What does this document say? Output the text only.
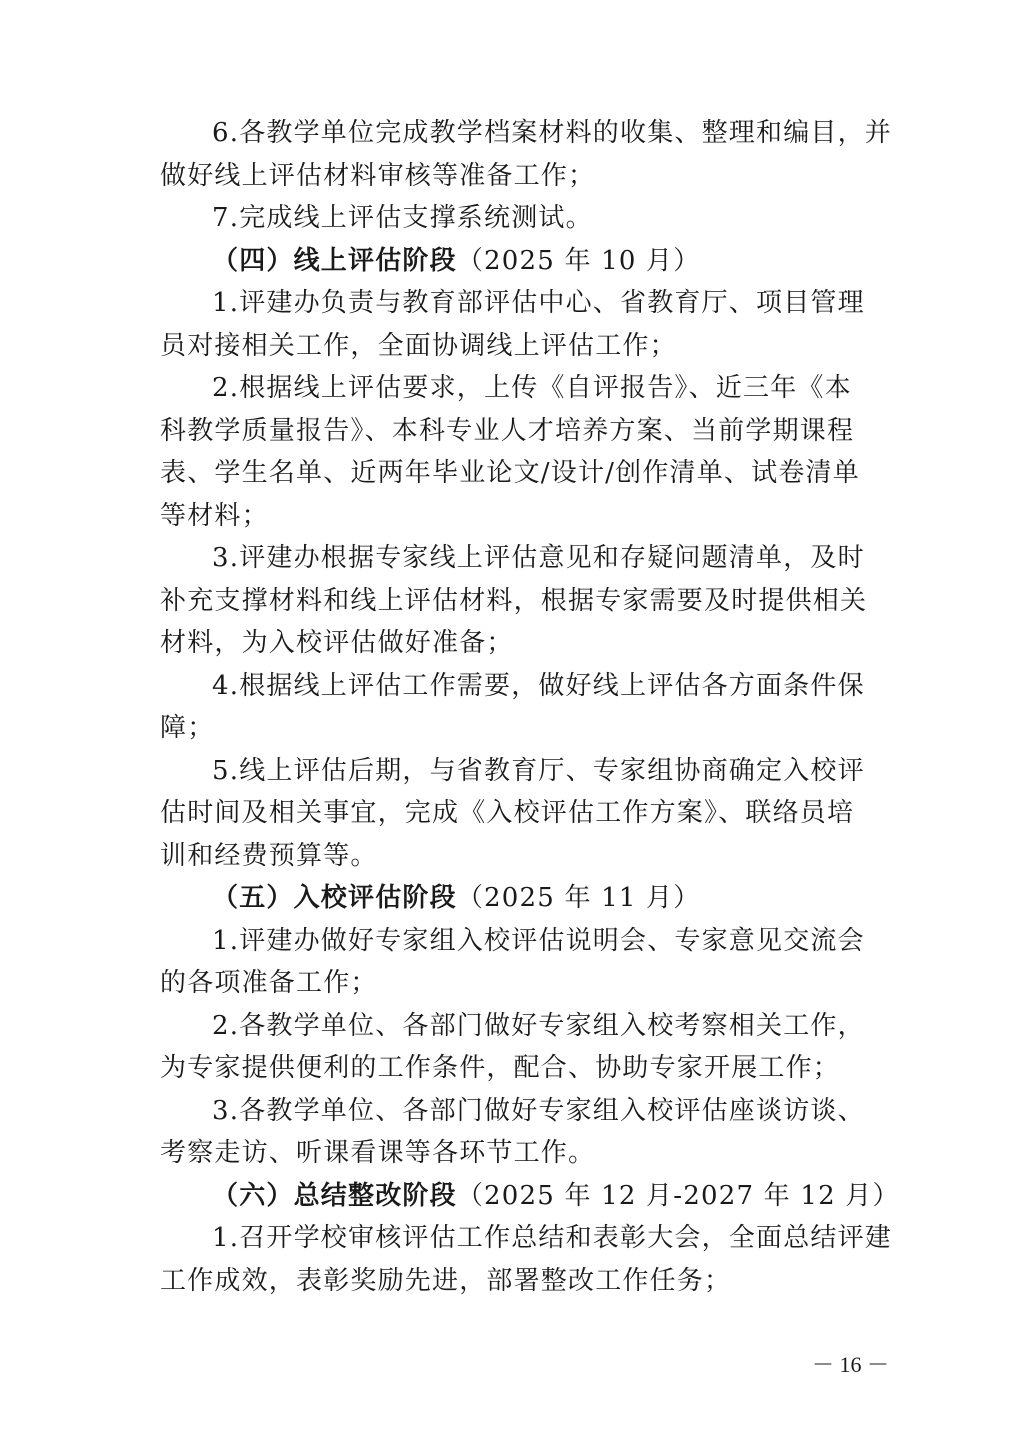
6.各教学单位完成教学档案材料的收集、整理和编目，并
做好线上评估材料审核等准备工作；
7.完成线上评估支撑系统测试。
（四）线上评估阶段（2025 年 10 月）
1.评建办负责与教育部评估中心、省教育厅、项目管理
员对接相关工作，全面协调线上评估工作；
2.根据线上评估要求，上传《自评报告》、近三年《本
科教学质量报告》、本科专业人才培养方案、当前学期课程
表、学生名单、近两年毕业论文/设计/创作清单、试卷清单
等材料；
3.评建办根据专家线上评估意见和存疑问题清单，及时
补充支撑材料和线上评估材料，根据专家需要及时提供相关
材料，为入校评估做好准备；
4.根据线上评估工作需要，做好线上评估各方面条件保
障；
5.线上评估后期，与省教育厅、专家组协商确定入校评
估时间及相关事宜，完成《入校评估工作方案》、联络员培
训和经费预算等。
（五）入校评估阶段（2025 年 11 月）
1.评建办做好专家组入校评估说明会、专家意见交流会
的各项准备工作；
2.各教学单位、各部门做好专家组入校考察相关工作，
为专家提供便利的工作条件，配合、协助专家开展工作；
3.各教学单位、各部门做好专家组入校评估座谈访谈、
考察走访、听课看课等各环节工作。
（六）总结整改阶段（2025 年 12 月-2027 年 12 月）
1.召开学校审核评估工作总结和表彰大会，全面总结评建
工作成效，表彰奖励先进，部署整改工作任务；
－ 16 －
